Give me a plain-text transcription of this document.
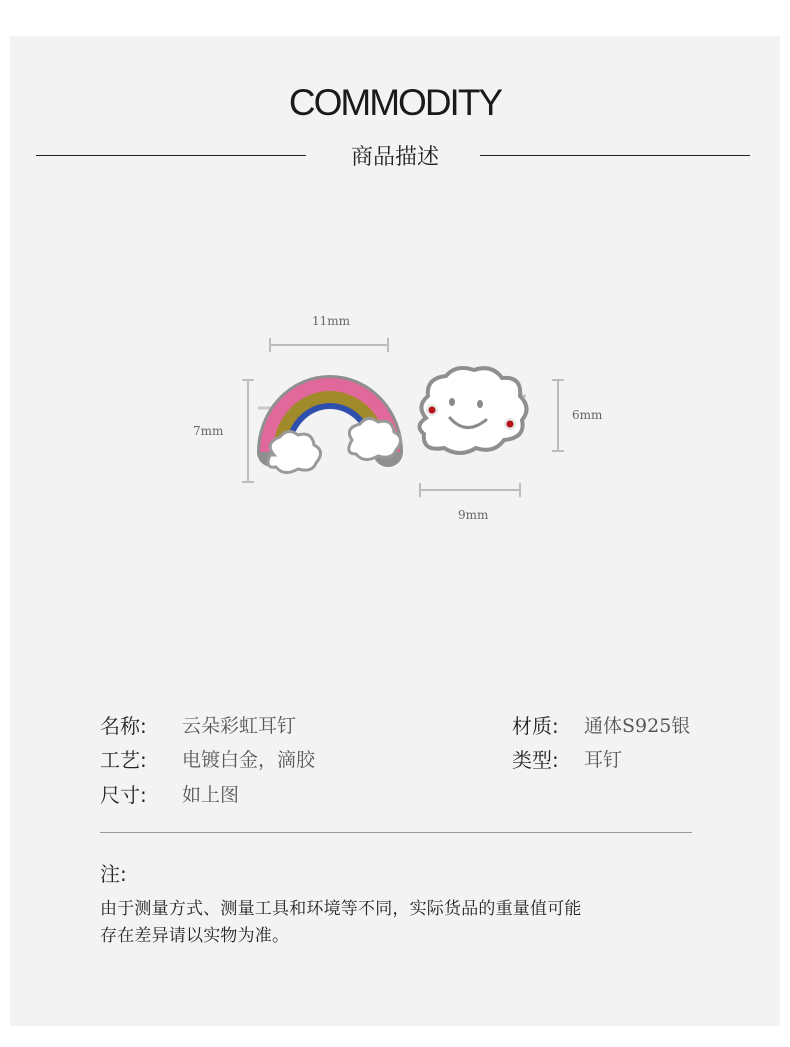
COMMODITY
商品描述
11mm
7mm
6mm
9mm
名称: 云朵彩虹耳钉
工艺: 电镀白金，滴胶
尺寸: 如上图
材质: 通体S925银
类型: 耳钉
注:
由于测量方式、测量工具和环境等不同，实际货品的重量值可能
存在差异请以实物为准。
